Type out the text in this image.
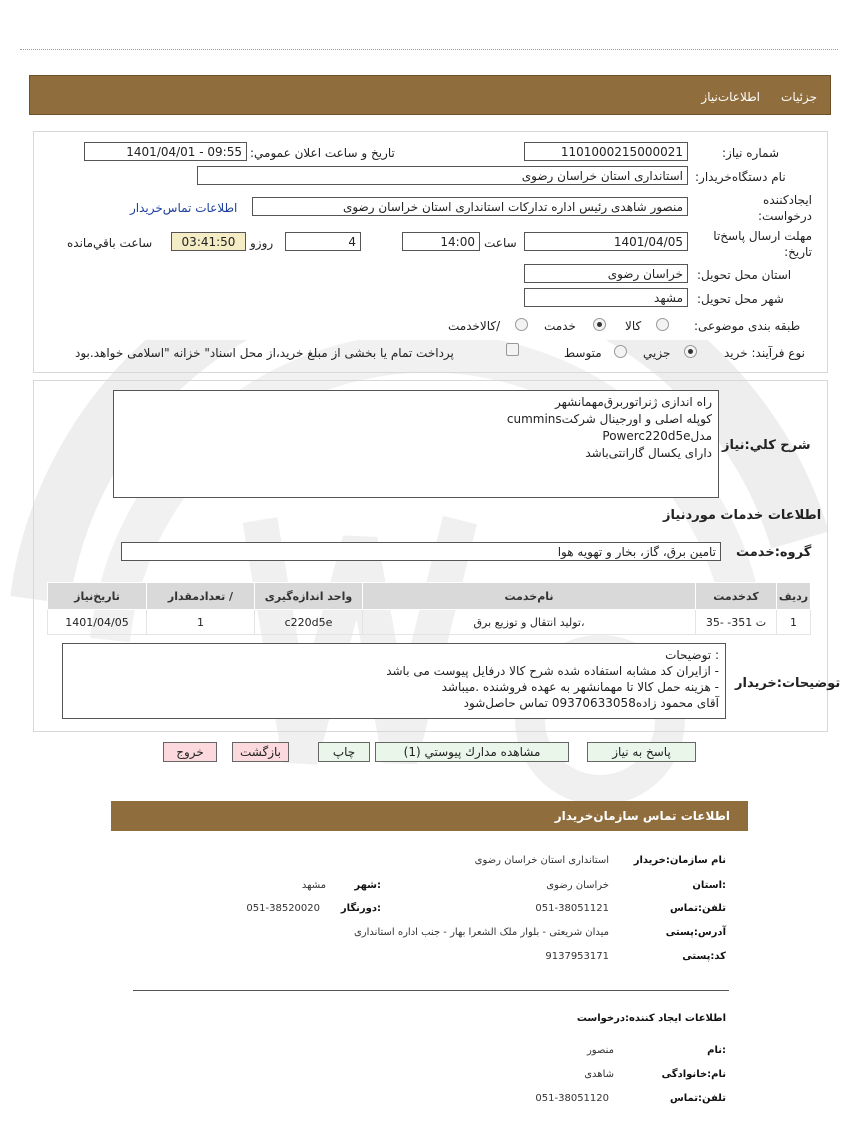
جزئیات
اطلاعات‌نیاز
شماره نیاز:
1101000215000021
تاریخ و ساعت اعلان عمومي:
1401/04/01 - 09:55
نام دستگاه‌خریدار:
استانداری استان خراسان رضوی
ایجادکننده درخواست:
منصور شاهدی رئیس اداره تدارکات استانداری استان خراسان رضوی
اطلاعات تماس‌خریدار
مهلت ارسال پاسخ‌تا تاریخ:
1401/04/05
ساعت
14:00
4
روزو
03:41:50
ساعت باقي‌مانده
استان محل تحویل:
خراسان رضوی
شهر محل تحویل:
مشهد
طبقه بندی موضوعی:
کالا
خدمت
/کالاخدمت
نوع فرآیند: خرید
جزیي
متوسط
پرداخت تمام یا بخشی از مبلغ خرید،از محل اسناد" خزانه "اسلامی خواهد.بود
شرح کلي:نیاز
راه اندازی ژنراتوربرق‌مهمانشهر
کوپله اصلی و اورجینال شرکتcummins
مدلPowerc220d5e
دارای یکسال گارانتی‌باشد
اطلاعات خدمات موردنیاز
گروه:خدمت
تامین برق، گاز، بخار و تهویه هوا
ردیف	کدخدمت	نام‌خدمت	واحد اندازه‌گیری	/ تعدادمقدار	تاریخ‌نیاز
1	ت 351- -35	،تولید انتقال و توزیع برق	c220d5e	1	1401/04/05
توضیحات:خریدار
: توضیحات
- ازایران کد مشابه استفاده شده شرح کالا درفایل پیوست می باشد
- هزینه حمل کالا تا مهمانشهر به عهده فروشنده .میباشد
آقای محمود زاده09370633058 تماس حاصل‌شود
پاسخ به نیاز
مشاهده مدارك پیوستي (1)
چاپ
بازگشت
خروج
اطلاعات تماس سازمان‌خریدار
نام سازمان:خریدار
استانداری استان خراسان رضوی
:استان
خراسان رضوی
:شهر
مشهد
تلفن:تماس
051-38051121
:دورنگار
051-38520020
آدرس:پستی
میدان شریعتی - بلوار ملک الشعرا بهار - جنب اداره استانداری
کد:پستی
9137953171
اطلاعات ایجاد کننده:درخواست
:نام
منصور
نام:خانوادگی
شاهدی
تلفن:تماس
051-38051120
